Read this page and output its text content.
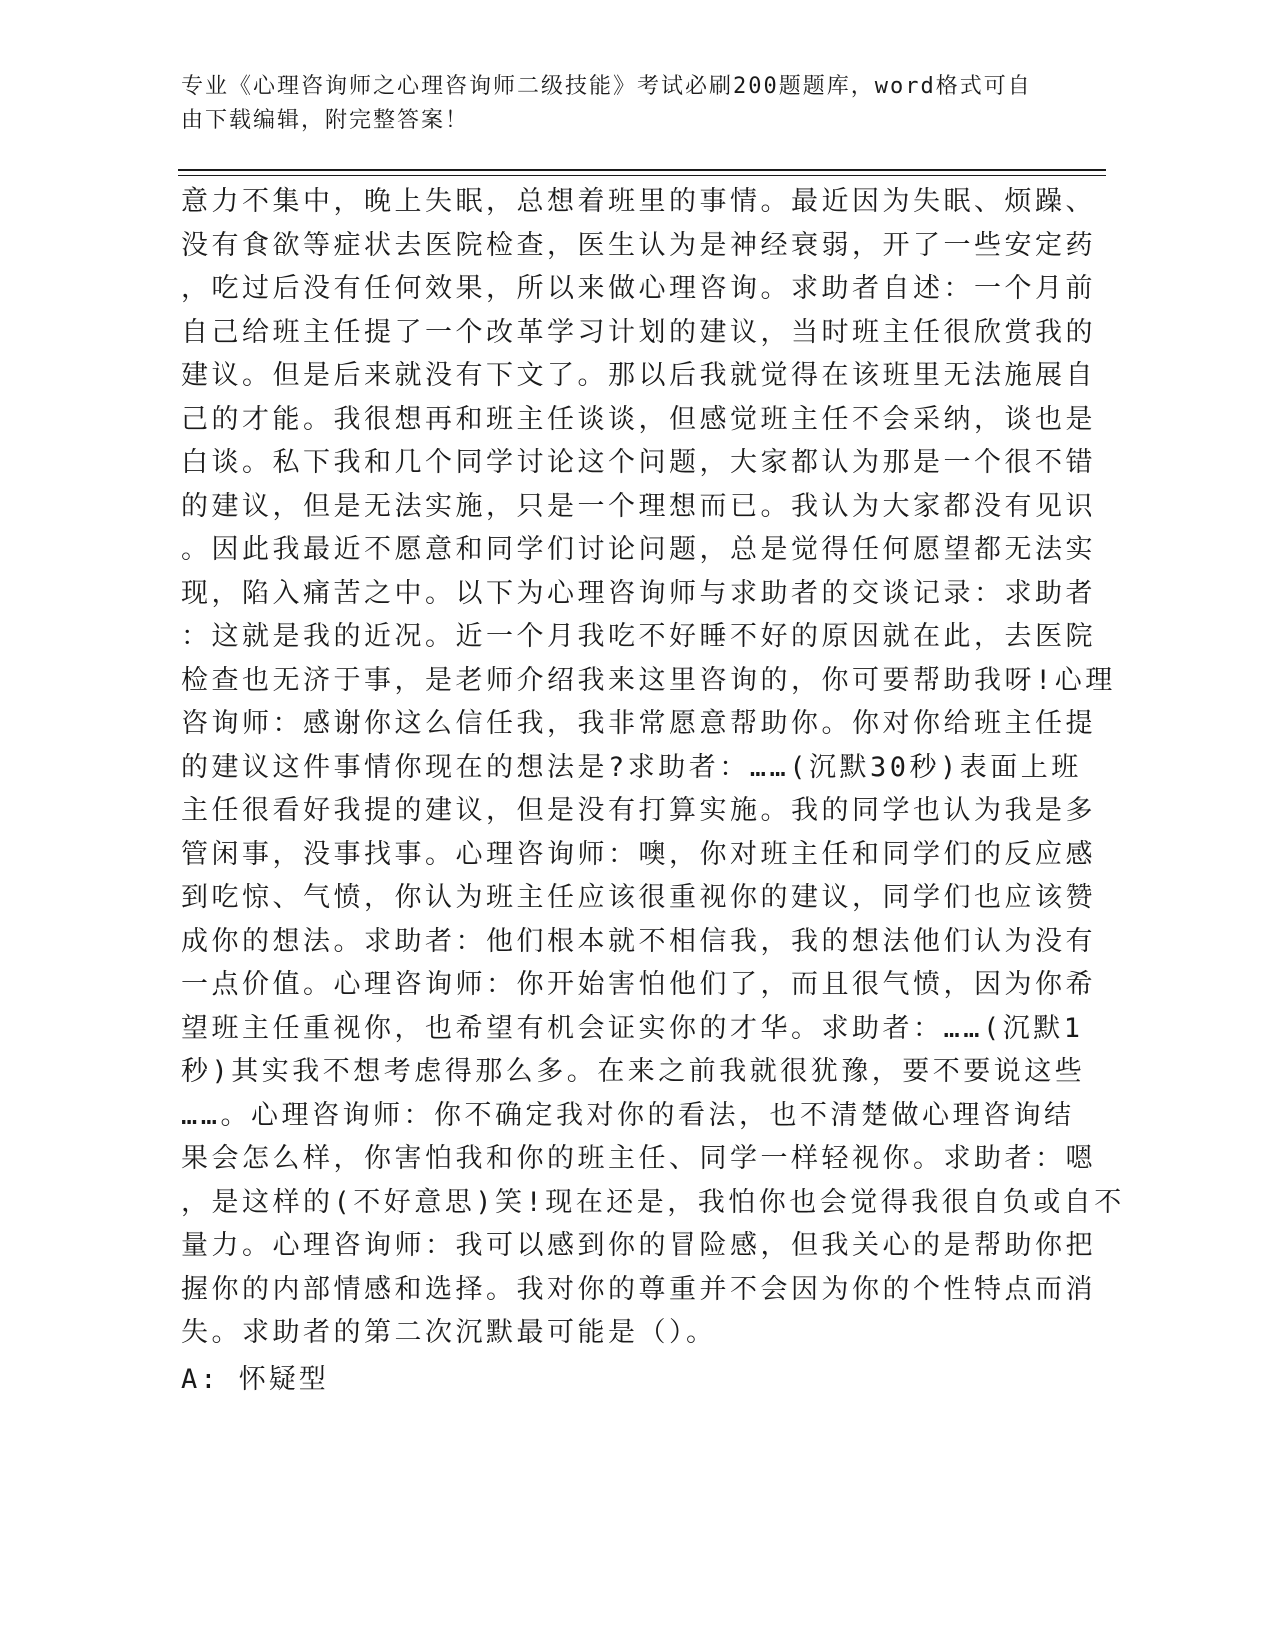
专业《心理咨询师之心理咨询师二级技能》考试必刷200题题库，word格式可自
由下载编辑，附完整答案！
意力不集中，晚上失眠，总想着班里的事情。最近因为失眠、烦躁、
没有食欲等症状去医院检查，医生认为是神经衰弱，开了一些安定药
，吃过后没有任何效果，所以来做心理咨询。求助者自述：一个月前
自己给班主任提了一个改革学习计划的建议，当时班主任很欣赏我的
建议。但是后来就没有下文了。那以后我就觉得在该班里无法施展自
己的才能。我很想再和班主任谈谈，但感觉班主任不会采纳，谈也是
白谈。私下我和几个同学讨论这个问题，大家都认为那是一个很不错
的建议，但是无法实施，只是一个理想而已。我认为大家都没有见识
。因此我最近不愿意和同学们讨论问题，总是觉得任何愿望都无法实
现，陷入痛苦之中。以下为心理咨询师与求助者的交谈记录：求助者
：这就是我的近况。近一个月我吃不好睡不好的原因就在此，去医院
检查也无济于事，是老师介绍我来这里咨询的，你可要帮助我呀!心理
咨询师：感谢你这么信任我，我非常愿意帮助你。你对你给班主任提
的建议这件事情你现在的想法是?求助者：……(沉默30秒)表面上班
主任很看好我提的建议，但是没有打算实施。我的同学也认为我是多
管闲事，没事找事。心理咨询师：噢，你对班主任和同学们的反应感
到吃惊、气愤，你认为班主任应该很重视你的建议，同学们也应该赞
成你的想法。求助者：他们根本就不相信我，我的想法他们认为没有
一点价值。心理咨询师：你开始害怕他们了，而且很气愤，因为你希
望班主任重视你，也希望有机会证实你的才华。求助者：……(沉默1
秒)其实我不想考虑得那么多。在来之前我就很犹豫，要不要说这些
……。心理咨询师：你不确定我对你的看法，也不清楚做心理咨询结
果会怎么样，你害怕我和你的班主任、同学一样轻视你。求助者：嗯
，是这样的(不好意思)笑!现在还是，我怕你也会觉得我很自负或自不
量力。心理咨询师：我可以感到你的冒险感，但我关心的是帮助你把
握你的内部情感和选择。我对你的尊重并不会因为你的个性特点而消
失。求助者的第二次沉默最可能是（）。
A: 怀疑型
